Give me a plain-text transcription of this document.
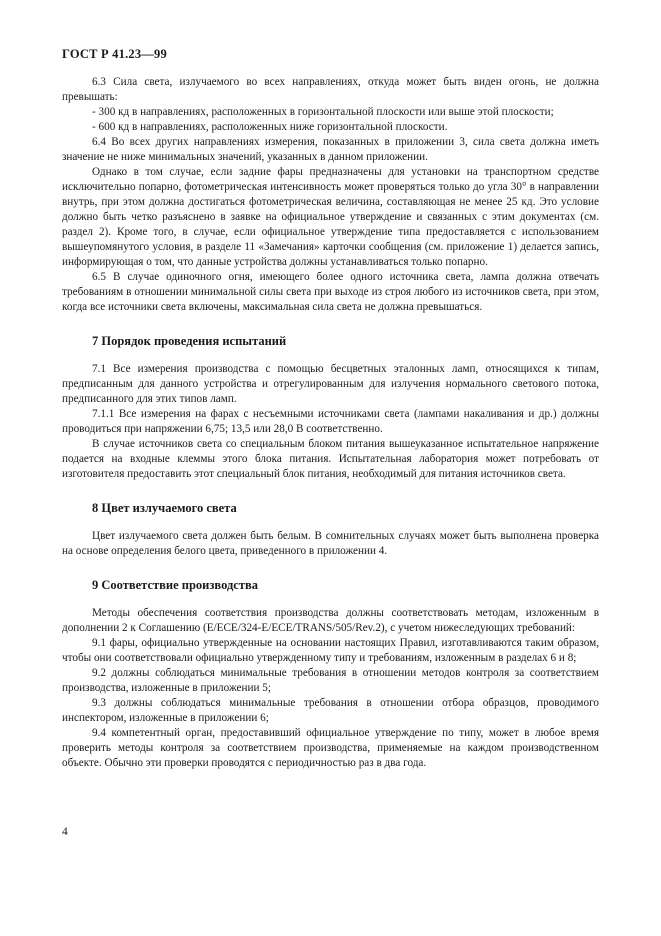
ГОСТ Р 41.23—99

6.3 Сила света, излучаемого во всех направлениях, откуда может быть виден огонь, не должна превышать:

- 300 кд в направлениях, расположенных в горизонтальной плоскости или выше этой плоскости;

- 600 кд в направлениях, расположенных ниже горизонтальной плоскости.

6.4 Во всех других направлениях измерения, показанных в приложении 3, сила света должна иметь значение не ниже минимальных значений, указанных в данном приложении.

Однако в том случае, если задние фары предназначены для установки на транспортном средстве исключительно попарно, фотометрическая интенсивность может проверяться только до угла 30° в направлении внутрь, при этом должна достигаться фотометрическая величина, составляющая не менее 25 кд. Это условие должно быть четко разъяснено в заявке на официальное утверждение и связанных с этим документах (см. раздел 2). Кроме того, в случае, если официальное утверждение типа предоставляется с использованием вышеупомянутого условия, в разделе 11 «Замечания» карточки сообщения (см. приложение 1) делается запись, информирующая о том, что данные устройства должны устанавливаться только попарно.

6.5 В случае одиночного огня, имеющего более одного источника света, лампа должна отвечать требованиям в отношении минимальной силы света при выходе из строя любого из источников света, при этом, когда все источники света включены, максимальная сила света не должна превышаться.

7 Порядок проведения испытаний

7.1 Все измерения производства с помощью бесцветных эталонных ламп, относящихся к типам, предписанным для данного устройства и отрегулированным для излучения нормального светового потока, предписанного для этих типов ламп.

7.1.1 Все измерения на фарах с несъемными источниками света (лампами накаливания и др.) должны проводиться при напряжении 6,75; 13,5 или 28,0 В соответственно.

В случае источников света со специальным блоком питания вышеуказанное испытательное напряжение подается на входные клеммы этого блока питания. Испытательная лаборатория может потребовать от изготовителя предоставить этот специальный блок питания, необходимый для питания источников света.

8 Цвет излучаемого света

Цвет излучаемого света должен быть белым. В сомнительных случаях может быть выполнена проверка на основе определения белого цвета, приведенного в приложении 4.

9 Соответствие производства

Методы обеспечения соответствия производства должны соответствовать методам, изложенным в дополнении 2 к Соглашению (E/ECE/324-E/ECE/TRANS/505/Rev.2), с учетом нижеследующих требований:

9.1 фары, официально утвержденные на основании настоящих Правил, изготавливаются таким образом, чтобы они соответствовали официально утвержденному типу и требованиям, изложенным в разделах 6 и 8;

9.2 должны соблюдаться минимальные требования в отношении методов контроля за соответствием производства, изложенные в приложении 5;

9.3 должны соблюдаться минимальные требования в отношении отбора образцов, проводимого инспектором, изложенные в приложении 6;

9.4 компетентный орган, предоставивший официальное утверждение по типу, может в любое время проверить методы контроля за соответствием производства, применяемые на каждом производственном объекте. Обычно эти проверки проводятся с периодичностью раз в два года.

4
